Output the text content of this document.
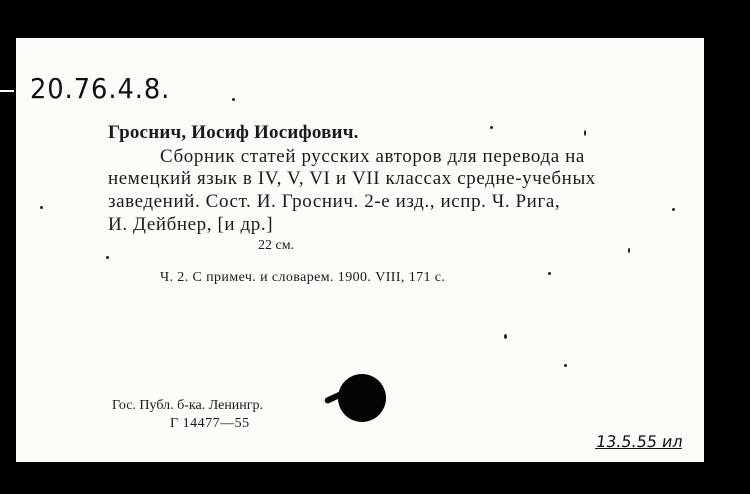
20.76.4.8.
Гроснич, Иосиф Иосифович.
Сборник статей русских авторов для перевода на
немецкий язык в IV, V, VI и VII классах средне-учебных
заведений. Сост. И. Гроснич. 2-е изд., испр. Ч. Рига,
И. Дейбнер, [и др.]
22 см.
Ч. 2. С примеч. и словарем. 1900. VIII, 171 с.
Гос. Публ. б-ка. Ленингр.
Г 14477—55
13.5.55 ил
